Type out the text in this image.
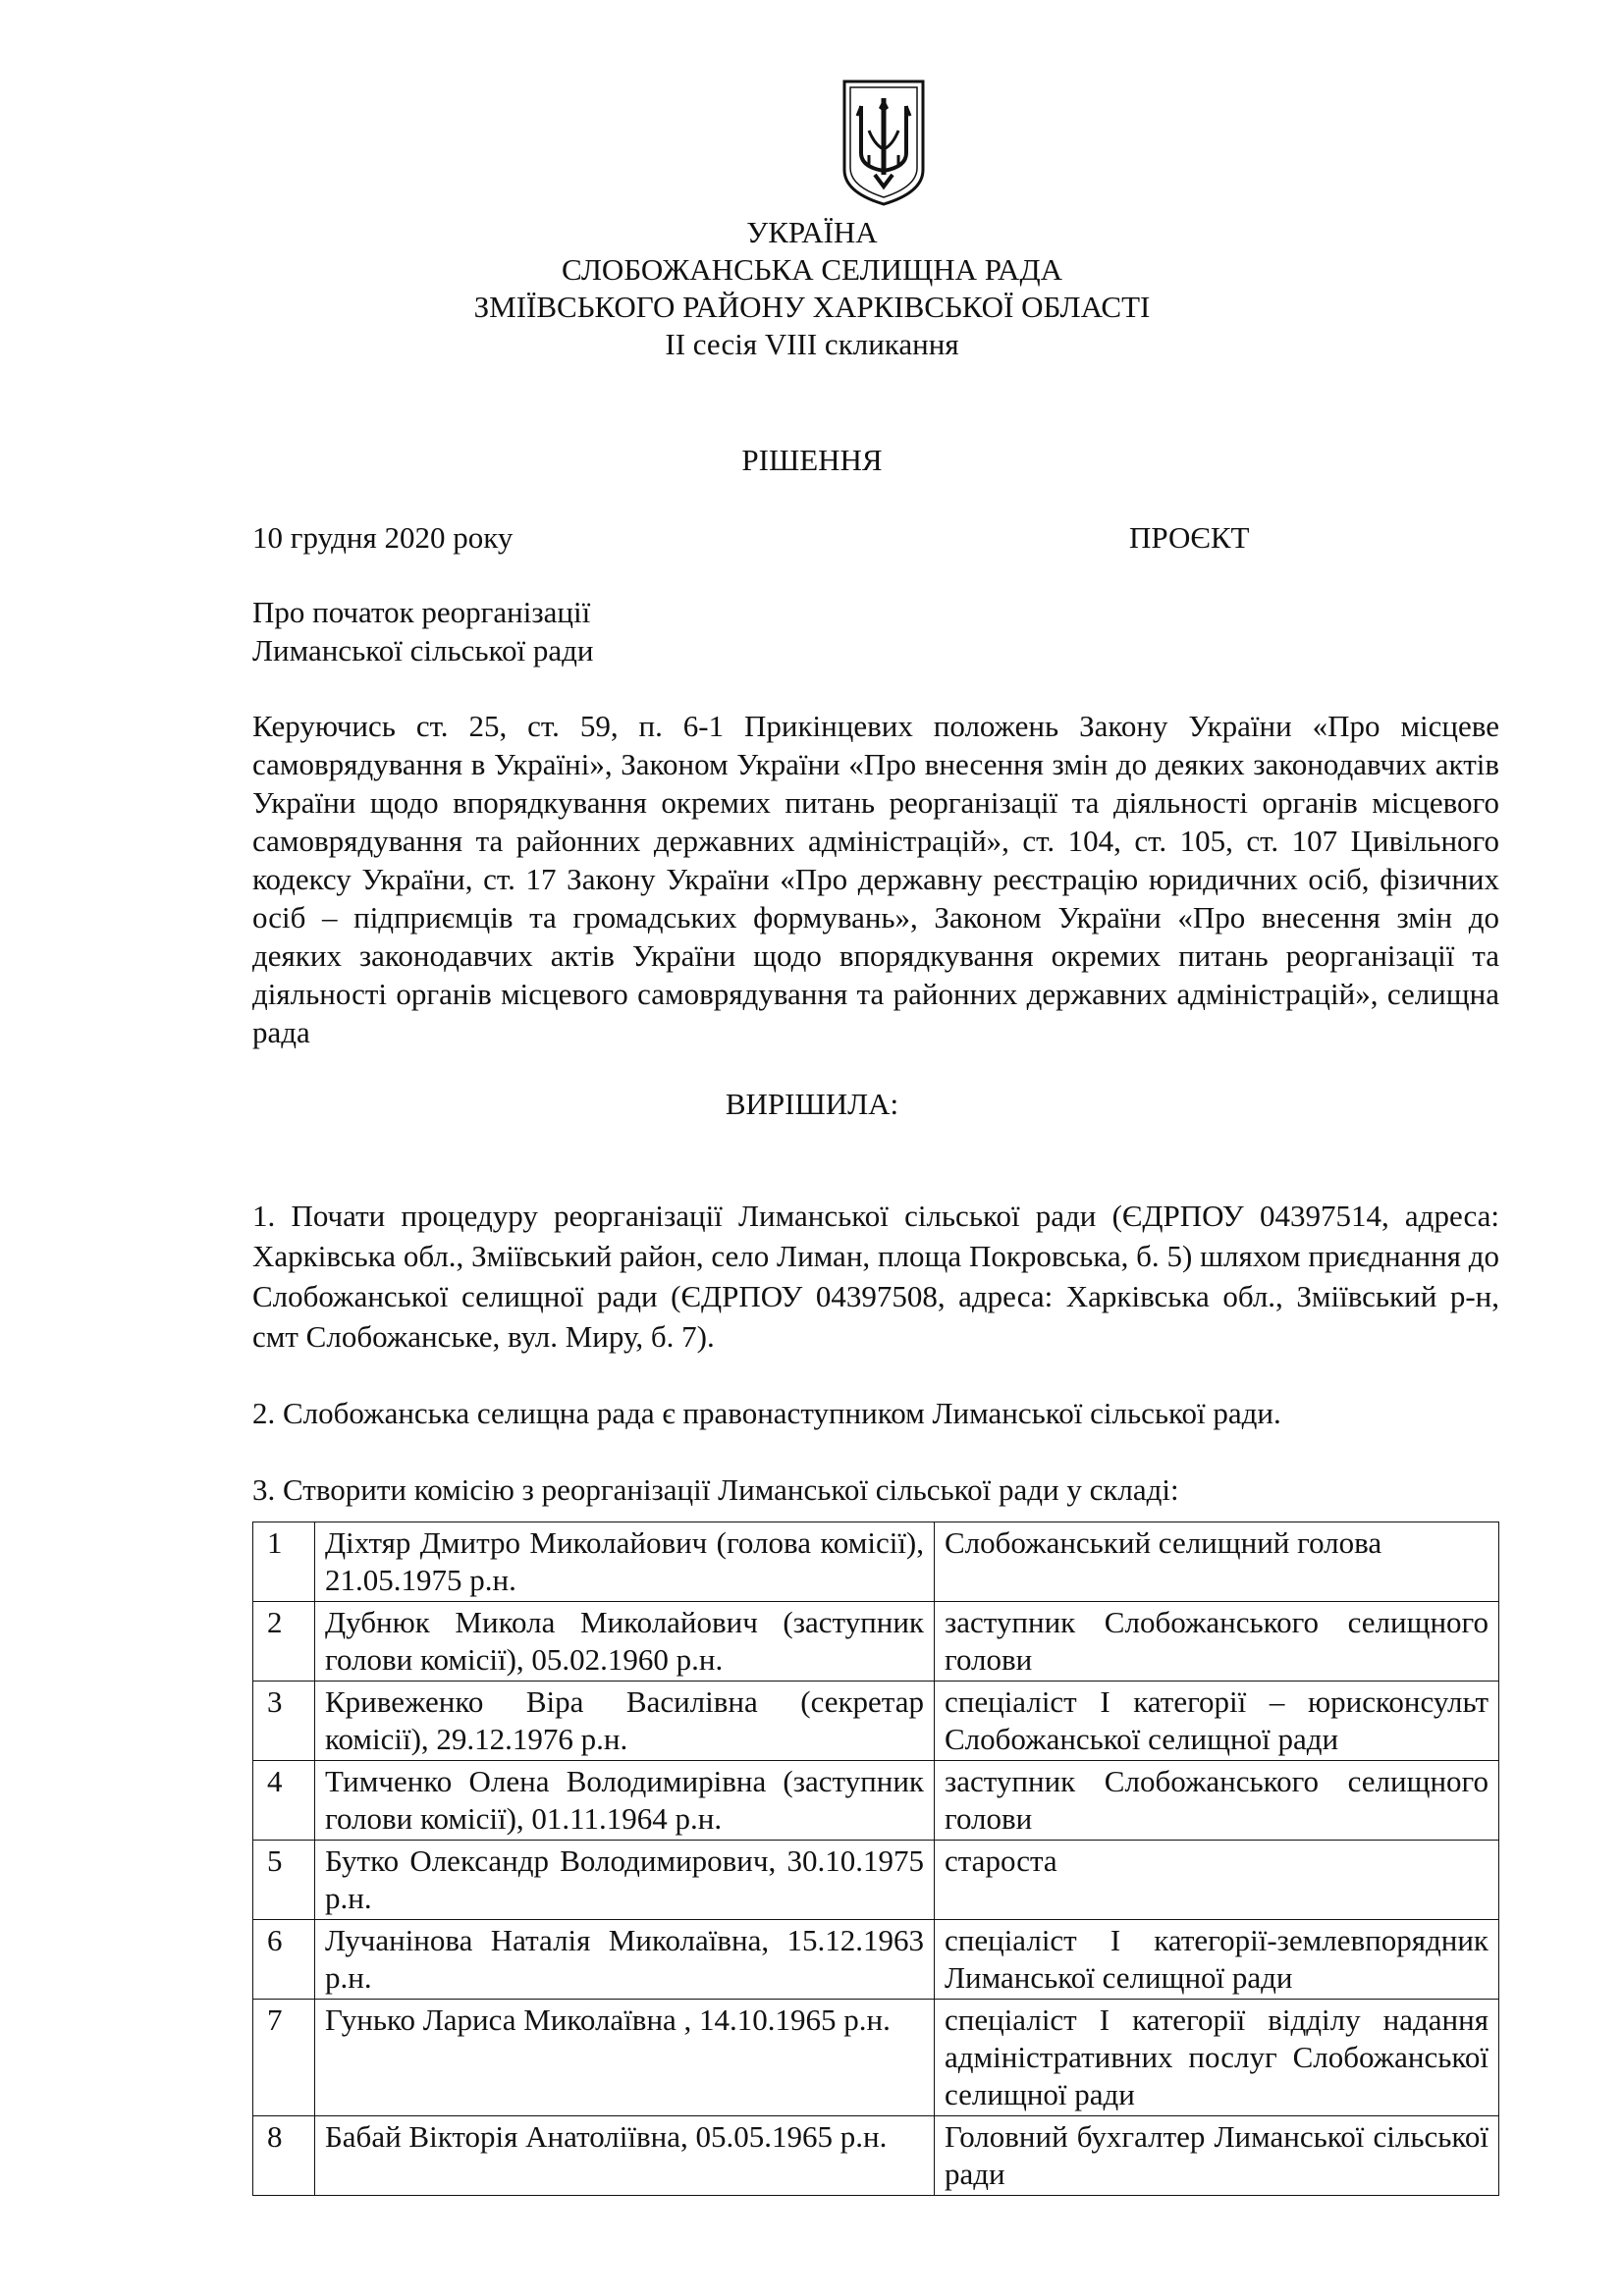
УКРАЇНА
СЛОБОЖАНСЬКА СЕЛИЩНА РАДА
ЗМІЇВСЬКОГО РАЙОНУ ХАРКІВСЬКОЇ ОБЛАСТІ
ІІ сесія VIIІ скликання
РІШЕННЯ
10 грудня 2020 року	ПРОЄКТ
Про початок реорганізації
Лиманської сільської ради
Керуючись ст. 25, ст. 59, п. 6-1 Прикінцевих положень Закону України «Про місцеве самоврядування в Україні», Законом України «Про внесення змін до деяких законодавчих актів України щодо впорядкування окремих питань реорганізації та діяльності органів місцевого самоврядування та районних державних адміністрацій», ст. 104, ст. 105, ст. 107 Цивільного кодексу України, ст. 17 Закону України «Про державну реєстрацію юридичних осіб, фізичних осіб – підприємців та громадських формувань», Законом України «Про внесення змін до деяких законодавчих актів України щодо впорядкування окремих питань реорганізації та діяльності органів місцевого самоврядування та районних державних адміністрацій», селищна рада
ВИРІШИЛА:
1. Почати процедуру реорганізації Лиманської сільської ради (ЄДРПОУ 04397514, адреса: Харківська обл., Зміївський район, село Лиман, площа Покровська, б. 5) шляхом приєднання до Слобожанської селищної ради (ЄДРПОУ 04397508, адреса: Харківська обл., Зміївський р-н, смт Слобожанське, вул. Миру, б. 7).
2. Слобожанська селищна рада є правонаступником Лиманської сільської ради.
3. Створити комісію з реорганізації Лиманської сільської ради у складі:
1	Діхтяр Дмитро Миколайович (голова комісії), 21.05.1975 р.н.	Слобожанський селищний голова
2	Дубнюк Микола Миколайович (заступник голови комісії), 05.02.1960 р.н.	заступник Слобожанського селищного голови
3	Кривеженко Віра Василівна (секретар комісії), 29.12.1976 р.н.	спеціаліст І категорії – юрисконсульт Слобожанської селищної ради
4	Тимченко Олена Володимирівна (заступник голови комісії), 01.11.1964 р.н.	заступник Слобожанського селищного голови
5	Бутко Олександр Володимирович, 30.10.1975 р.н.	староста
6	Лучанінова Наталія Миколаївна, 15.12.1963 р.н.	спеціаліст І категорії-землевпорядник Лиманської селищної ради
7	Гунько Лариса Миколаївна , 14.10.1965 р.н.	спеціаліст І категорії відділу надання адміністративних послуг Слобожанської селищної ради
8	Бабай Вікторія Анатоліївна, 05.05.1965 р.н.	Головний бухгалтер Лиманської сільської ради
